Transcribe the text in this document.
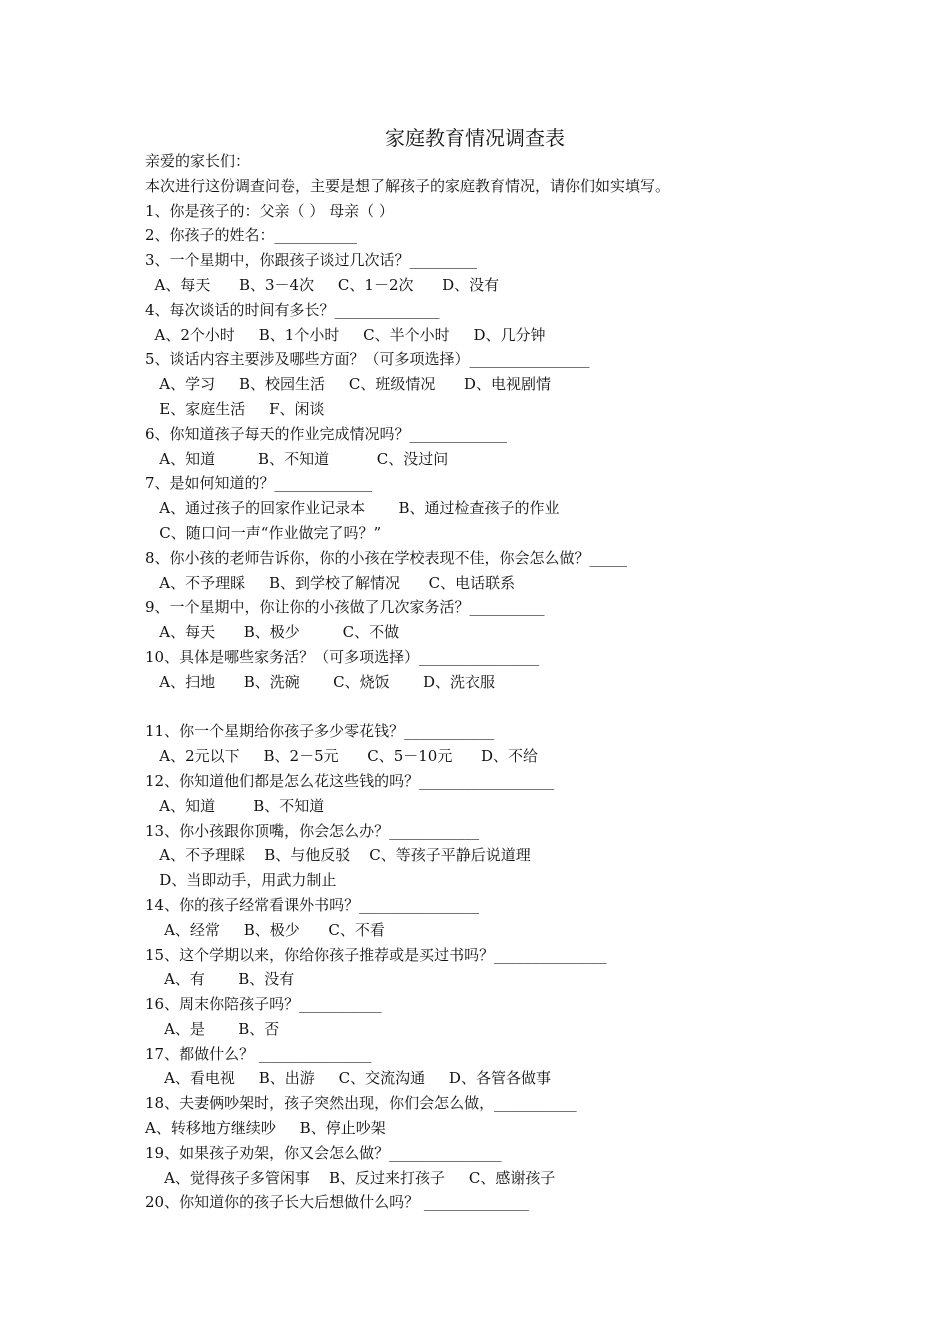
家庭教育情况调查表
亲爱的家长们：
本次进行这份调查问卷，主要是想了解孩子的家庭教育情况，请你们如实填写。
1、你是孩子的：父亲（ ） 母亲（ ）
2、你孩子的姓名：___________
3、一个星期中，你跟孩子谈过几次话？_________
A、每天      B、3－4次     C、1－2次      D、没有
4、每次谈话的时间有多长？______________
A、2个小时     B、1个小时     C、半个小时     D、几分钟
5、谈话内容主要涉及哪些方面？（可多项选择）________________
A、学习     B、校园生活     C、班级情况      D、电视剧情
E、家庭生活     F、闲谈
6、你知道孩子每天的作业完成情况吗？_____________
A、知道         B、不知道          C、没过问
7、是如何知道的？_____________
A、通过孩子的回家作业记录本       B、通过检查孩子的作业
C、随口问一声“作业做完了吗？”
8、你小孩的老师告诉你，你的小孩在学校表现不佳，你会怎么做？_____
A、不予理睬     B、到学校了解情况      C、电话联系
9、一个星期中，你让你的小孩做了几次家务活？__________
A、每天      B、极少         C、不做
10、具体是哪些家务活？（可多项选择）________________
A、扫地      B、洗碗       C、烧饭       D、洗衣服
11、你一个星期给你孩子多少零花钱？____________
A、2元以下     B、2－5元      C、5－10元      D、不给
12、你知道他们都是怎么花这些钱的吗？__________________
A、知道        B、不知道
13、你小孩跟你顶嘴，你会怎么办？____________
A、不予理睬    B、与他反驳    C、等孩子平静后说道理
D、当即动手，用武力制止
14、你的孩子经常看课外书吗？________________
A、经常     B、极少      C、不看
15、这个学期以来，你给你孩子推荐或是买过书吗？_______________
A、有       B、没有
16、周末你陪孩子吗？___________
A、是       B、否
17、都做什么？ _______________
A、看电视     B、出游     C、交流沟通     D、各管各做事
18、夫妻俩吵架时，孩子突然出现，你们会怎么做，___________
A、转移地方继续吵     B、停止吵架
19、如果孩子劝架，你又会怎么做？_______________
A、觉得孩子多管闲事    B、反过来打孩子     C、感谢孩子
20、你知道你的孩子长大后想做什么吗？ ______________
